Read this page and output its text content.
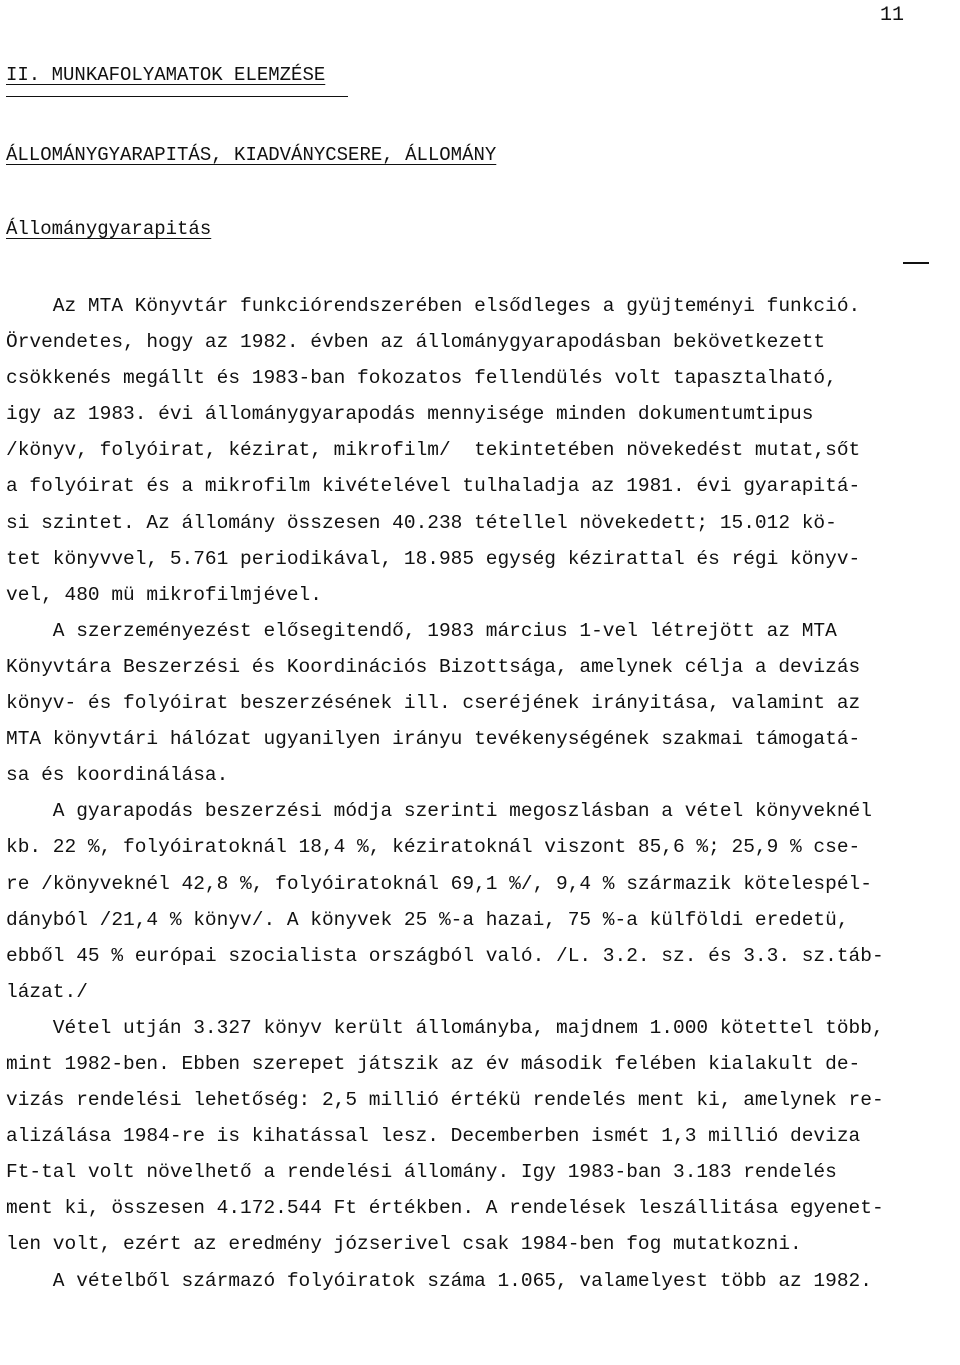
11
II. MUNKAFOLYAMATOK ELEMZÉSE
ÁLLOMÁNYGYARAPITÁS, KIADVÁNYCSERE, ÁLLOMÁNY
Állománygyarapitás
Az MTA Könyvtár funkciórendszerében elsődleges a gyüjteményi funkció.
Örvendetes, hogy az 1982. évben az állománygyarapodásban bekövetkezett
csökkenés megállt és 1983-ban fokozatos fellendülés volt tapasztalható,
igy az 1983. évi állománygyarapodás mennyisége minden dokumentumtipus
/könyv, folyóirat, kézirat, mikrofilm/  tekintetében növekedést mutat,sőt
a folyóirat és a mikrofilm kivételével tulhaladja az 1981. évi gyarapitá-
si szintet. Az állomány összesen 40.238 tétellel növekedett; 15.012 kö-
tet könyvvel, 5.761 periodikával, 18.985 egység kézirattal és régi könyv-
vel, 480 mü mikrofilmjével.
A szerzeményezést elősegitendő, 1983 március 1-vel létrejött az MTA
Könyvtára Beszerzési és Koordinációs Bizottsága, amelynek célja a devizás
könyv- és folyóirat beszerzésének ill. cseréjének irányitása, valamint az
MTA könyvtári hálózat ugyanilyen irányu tevékenységének szakmai támogatá-
sa és koordinálása.
A gyarapodás beszerzési módja szerinti megoszlásban a vétel könyveknél
kb. 22 %, folyóiratoknál 18,4 %, kéziratoknál viszont 85,6 %; 25,9 % cse-
re /könyveknél 42,8 %, folyóiratoknál 69,1 %/, 9,4 % származik kötelespél-
dányból /21,4 % könyv/. A könyvek 25 %-a hazai, 75 %-a külföldi eredetü,
ebből 45 % európai szocialista országból való. /L. 3.2. sz. és 3.3. sz.táb-
lázat./
Vétel utján 3.327 könyv került állományba, majdnem 1.000 kötettel több,
mint 1982-ben. Ebben szerepet játszik az év második felében kialakult de-
vizás rendelési lehetőség: 2,5 millió értékü rendelés ment ki, amelynek re-
alizálása 1984-re is kihatással lesz. Decemberben ismét 1,3 millió deviza
Ft-tal volt növelhető a rendelési állomány. Igy 1983-ban 3.183 rendelés
ment ki, összesen 4.172.544 Ft értékben. A rendelések leszállitása egyenet-
len volt, ezért az eredmény józserivel csak 1984-ben fog mutatkozni.
A vételből származó folyóiratok száma 1.065, valamelyest több az 1982.
